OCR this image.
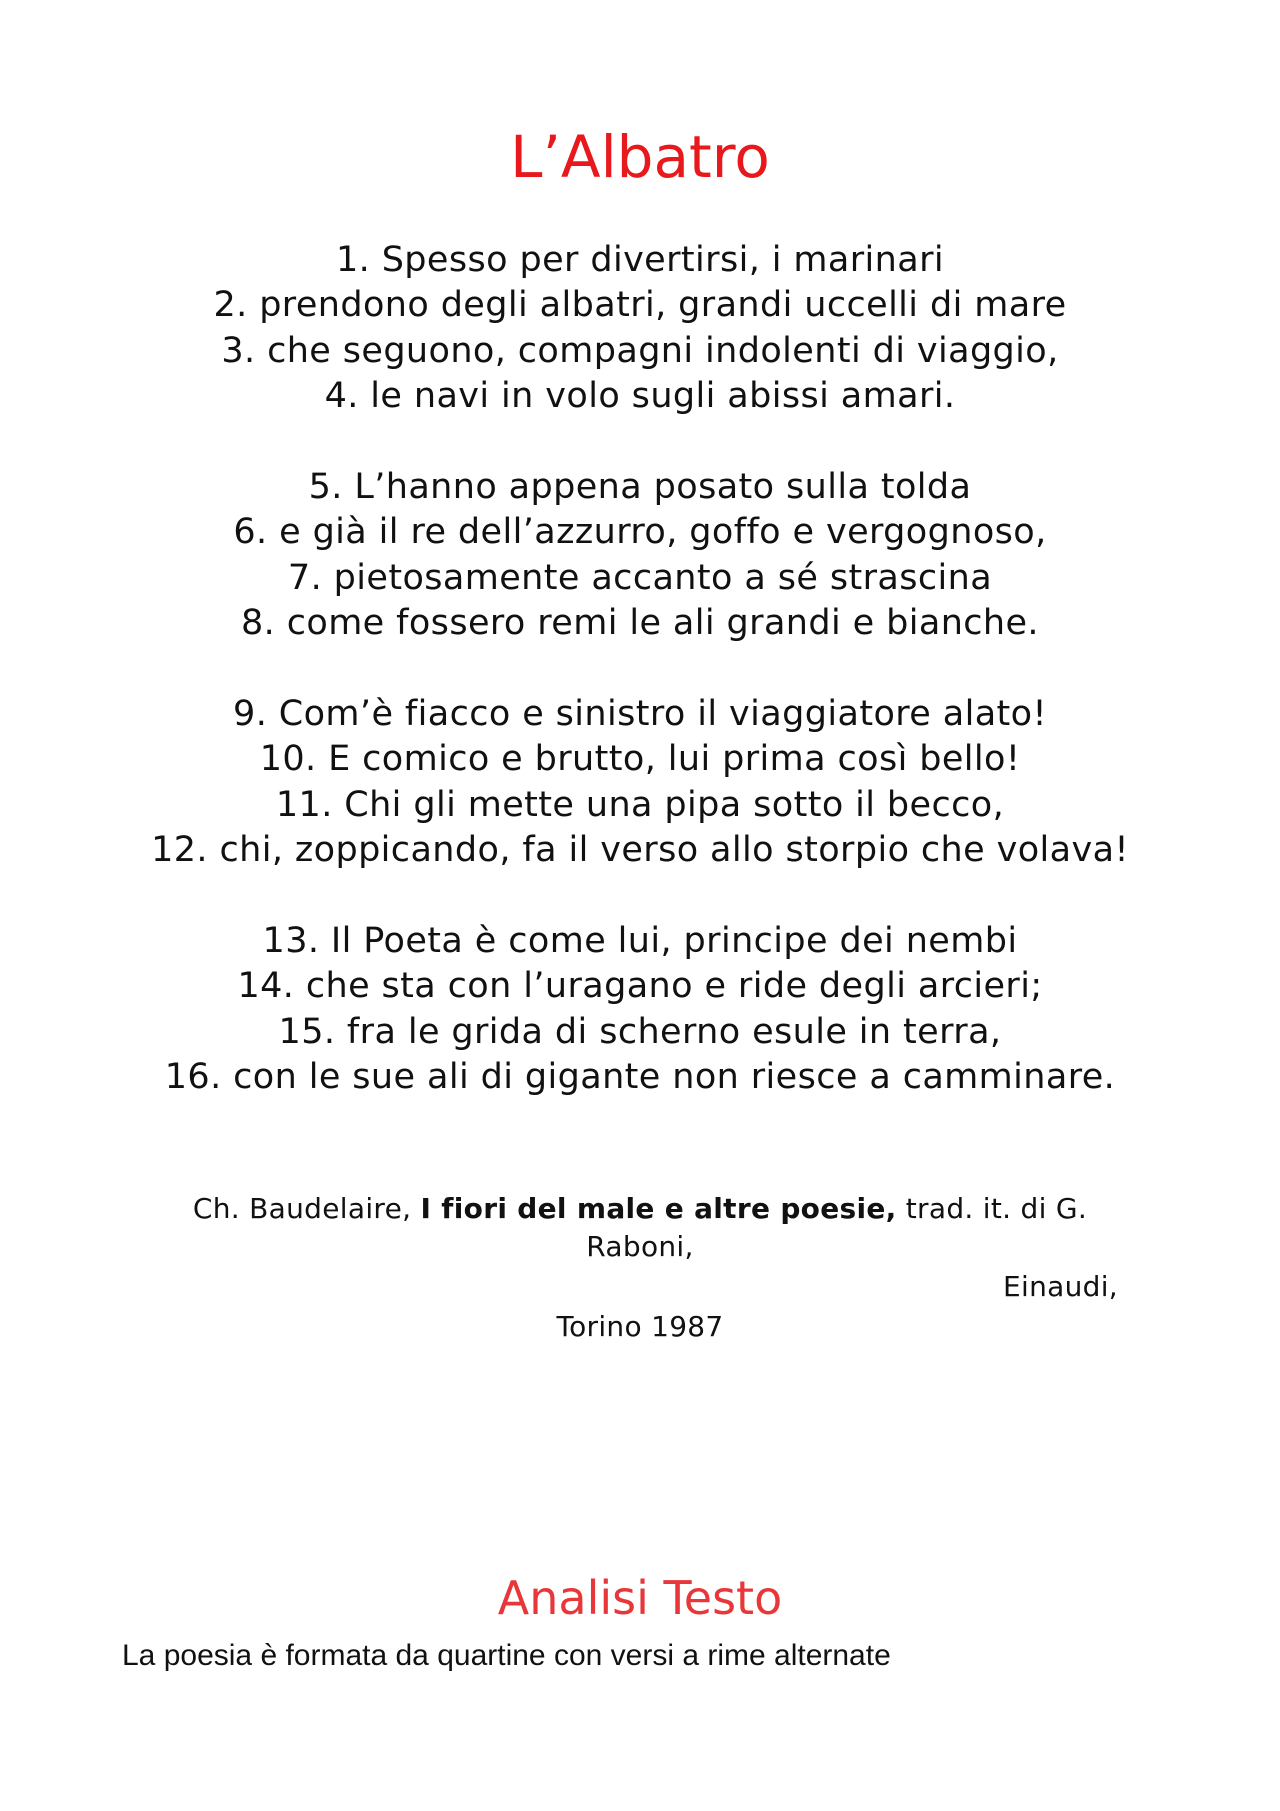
L’Albatro
1. Spesso per divertirsi, i marinari
2. prendono degli albatri, grandi uccelli di mare
3. che seguono, compagni indolenti di viaggio,
4. le navi in volo sugli abissi amari.
5. L’hanno appena posato sulla tolda
6. e già il re dell’azzurro, goffo e vergognoso,
7. pietosamente accanto a sé strascina
8. come fossero remi le ali grandi e bianche.
9. Com’è fiacco e sinistro il viaggiatore alato!
10. E comico e brutto, lui prima così bello!
11. Chi gli mette una pipa sotto il becco,
12. chi, zoppicando, fa il verso allo storpio che volava!
13. Il Poeta è come lui, principe dei nembi
14. che sta con l’uragano e ride degli arcieri;
15. fra le grida di scherno esule in terra,
16. con le sue ali di gigante non riesce a camminare.
Ch. Baudelaire, I fiori del male e altre poesie, trad. it. di G.
Raboni,
Einaudi,
Torino 1987
Analisi Testo
La poesia è formata da quartine con versi a rime alternate
